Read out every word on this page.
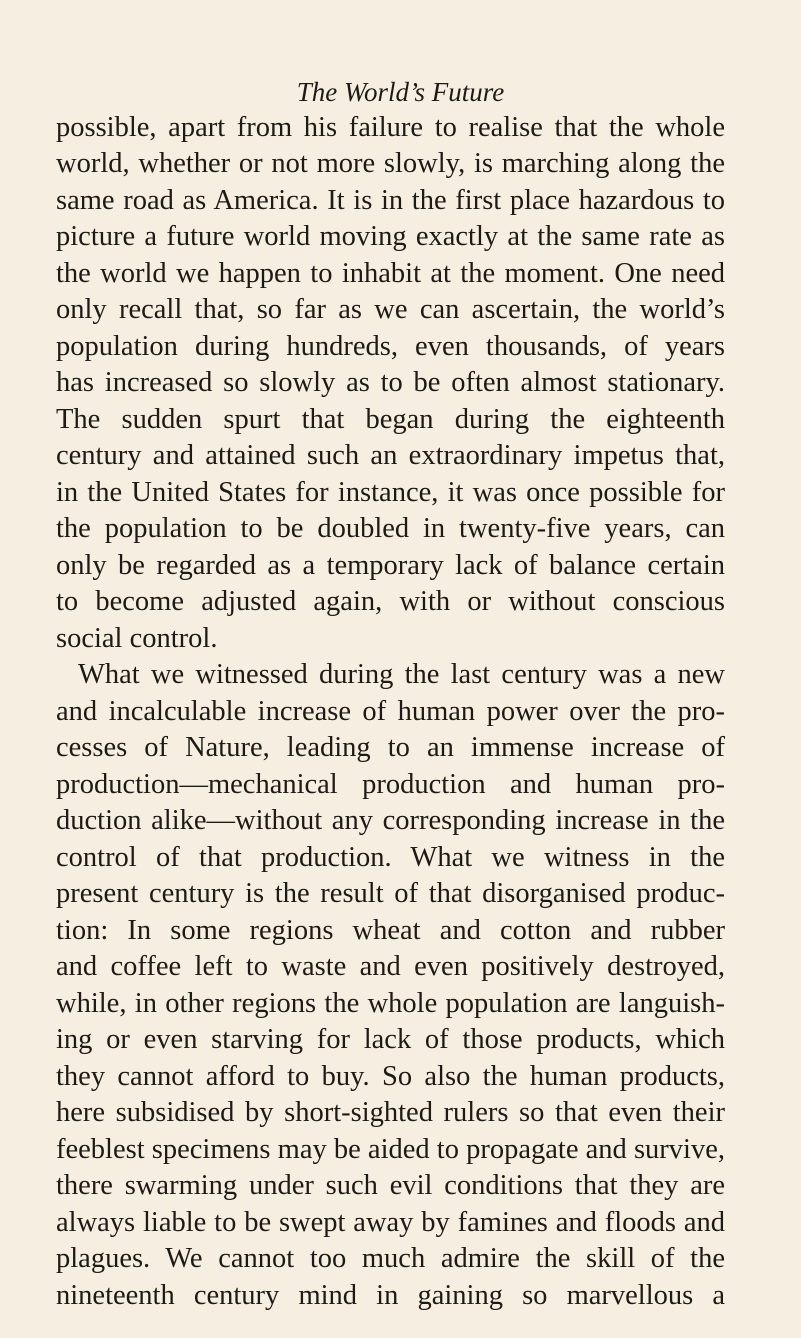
The World’s Future
possible, apart from his failure to realise that the whole
world, whether or not more slowly, is marching along the
same road as America. It is in the first place hazardous to
picture a future world moving exactly at the same rate as
the world we happen to inhabit at the moment. One need
only recall that, so far as we can ascertain, the world’s
population during hundreds, even thousands, of years
has increased so slowly as to be often almost stationary.
The sudden spurt that began during the eighteenth
century and attained such an extraordinary impetus that,
in the United States for instance, it was once possible for
the population to be doubled in twenty-five years, can
only be regarded as a temporary lack of balance certain
to become adjusted again, with or without conscious
social control.
What we witnessed during the last century was a new
and incalculable increase of human power over the pro-
cesses of Nature, leading to an immense increase of
production—mechanical production and human pro-
duction alike—without any corresponding increase in the
control of that production. What we witness in the
present century is the result of that disorganised produc-
tion: In some regions wheat and cotton and rubber
and coffee left to waste and even positively destroyed,
while, in other regions the whole population are languish-
ing or even starving for lack of those products, which
they cannot afford to buy. So also the human products,
here subsidised by short-sighted rulers so that even their
feeblest specimens may be aided to propagate and survive,
there swarming under such evil conditions that they are
always liable to be swept away by famines and floods and
plagues. We cannot too much admire the skill of the
nineteenth century mind in gaining so marvellous a
